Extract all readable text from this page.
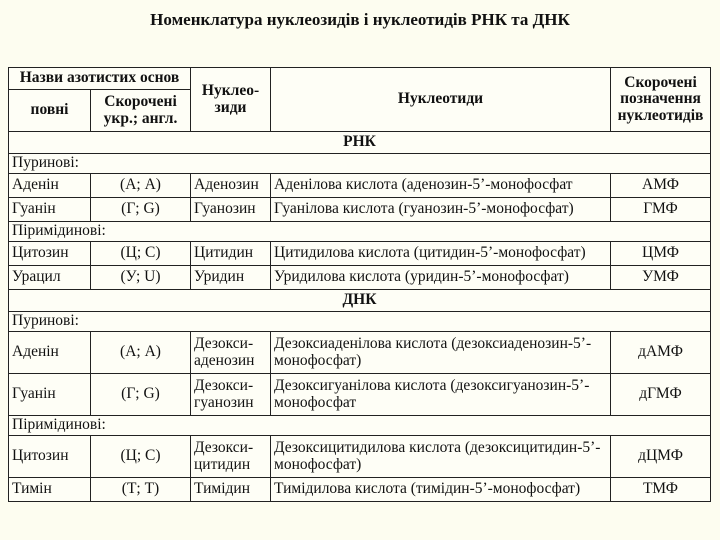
Номенклатура нуклеозидів і нуклеотидів РНК та ДНК
Назви азотистих основ		Нуклео-зиди	Нуклеотиди	Скорочені позначення нуклеотидів
повні	Скорочені укр.; англ.			
РНК				
Пуринові:				
Аденін	(А; A)	Аденозин	Аденілова кислота (аденозин-5’-монофосфат	АМФ
Гуанін	(Г; G)	Гуанозин	Гуанілова кислота (гуанозин-5’-монофосфат)	ГМФ
Піримідинові:				
Цитозин	(Ц; C)	Цитидин	Цитидилова кислота (цитидин-5’-монофосфат)	ЦМФ
Урацил	(У; U)	Уридин	Уридилова кислота (уридин-5’-монофосфат)	УМФ
ДНК				
Пуринові:				
Аденін	(А; A)	Дезокси-аденозин	Дезоксиаденілова кислота (дезоксиаденозин-5’-монофосфат)	дАМФ
Гуанін	(Г; G)	Дезокси-гуанозин	Дезоксигуанілова кислота (дезоксигуанозин-5’-монофосфат	дГМФ
Піримідинові:				
Цитозин	(Ц; C)	Дезокси-цитидин	Дезоксицитидилова кислота (дезоксицитидин-5’-монофосфат)	дЦМФ
Тимін	(Т; T)	Тимідин	Тимідилова кислота (тимідин-5’-монофосфат)	ТМФ
